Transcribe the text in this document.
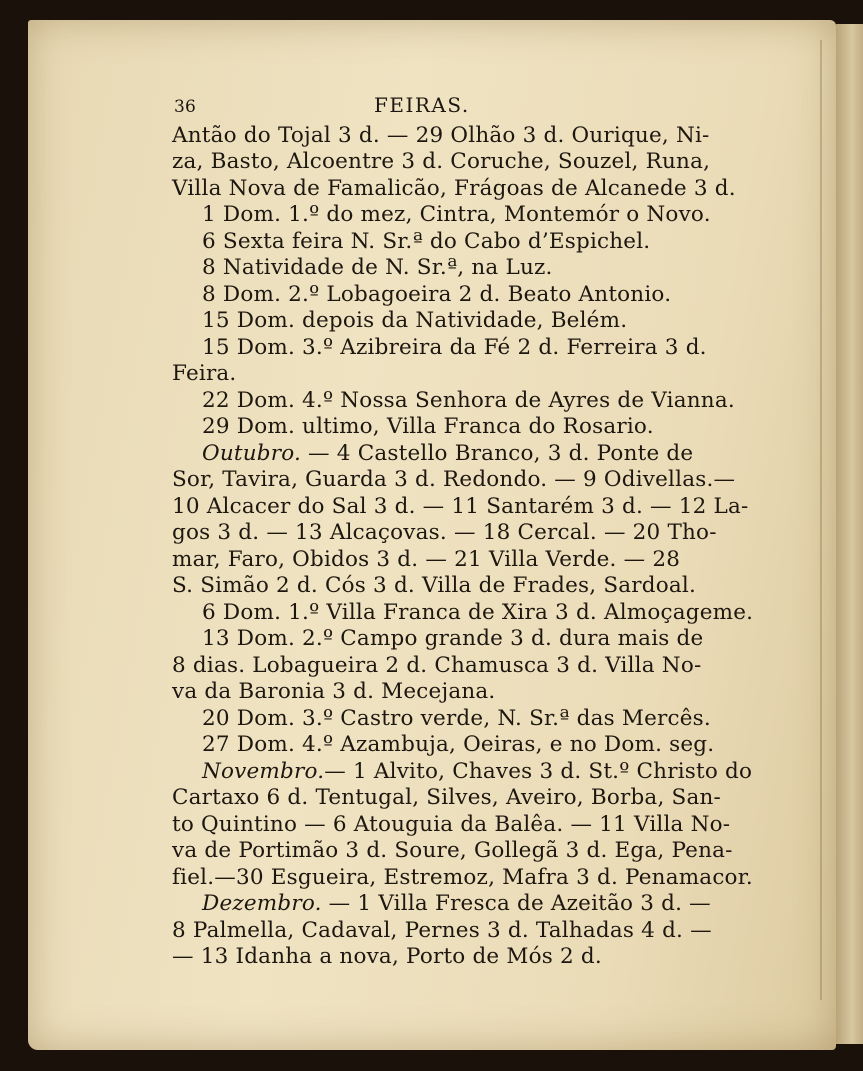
36	FEIRAS.

Antão do Tojal 3 d. — 29 Olhão 3 d. Ourique, Ni-

za, Basto, Alcoentre 3 d. Coruche, Souzel, Runa,

Villa Nova de Famalicão, Frágoas de Alcanede 3 d.

1 Dom. 1.º do mez, Cintra, Montemór o Novo.

6 Sexta feira N. Sr.ª do Cabo d’Espichel.

8 Natividade de N. Sr.ª, na Luz.

8 Dom. 2.º Lobagoeira 2 d. Beato Antonio.

15 Dom. depois da Natividade, Belém.

15 Dom. 3.º Azibreira da Fé 2 d. Ferreira 3 d.

Feira.

22 Dom. 4.º Nossa Senhora de Ayres de Vianna.

29 Dom. ultimo, Villa Franca do Rosario.

Outubro. — 4 Castello Branco, 3 d. Ponte de

Sor, Tavira, Guarda 3 d. Redondo. — 9 Odivellas.—

10 Alcacer do Sal 3 d. — 11 Santarém 3 d. — 12 La-

gos 3 d. — 13 Alcaçovas. — 18 Cercal. — 20 Tho-

mar, Faro, Obidos 3 d. — 21 Villa Verde. — 28

S. Simão 2 d. Cós 3 d. Villa de Frades, Sardoal.

6 Dom. 1.º Villa Franca de Xira 3 d. Almoçageme.

13 Dom. 2.º Campo grande 3 d. dura mais de

8 dias. Lobagueira 2 d. Chamusca 3 d. Villa No-

va da Baronia 3 d. Mecejana.

20 Dom. 3.º Castro verde, N. Sr.ª das Mercês.

27 Dom. 4.º Azambuja, Oeiras, e no Dom. seg.

Novembro.— 1 Alvito, Chaves 3 d. St.º Christo do

Cartaxo 6 d. Tentugal, Silves, Aveiro, Borba, San-

to Quintino — 6 Atouguia da Balêa. — 11 Villa No-

va de Portimão 3 d. Soure, Gollegã 3 d. Ega, Pena-

fiel.—30 Esgueira, Estremoz, Mafra 3 d. Penamacor.

Dezembro. — 1 Villa Fresca de Azeitão 3 d. —

8 Palmella, Cadaval, Pernes 3 d. Talhadas 4 d. —

— 13 Idanha a nova, Porto de Mós 2 d.
